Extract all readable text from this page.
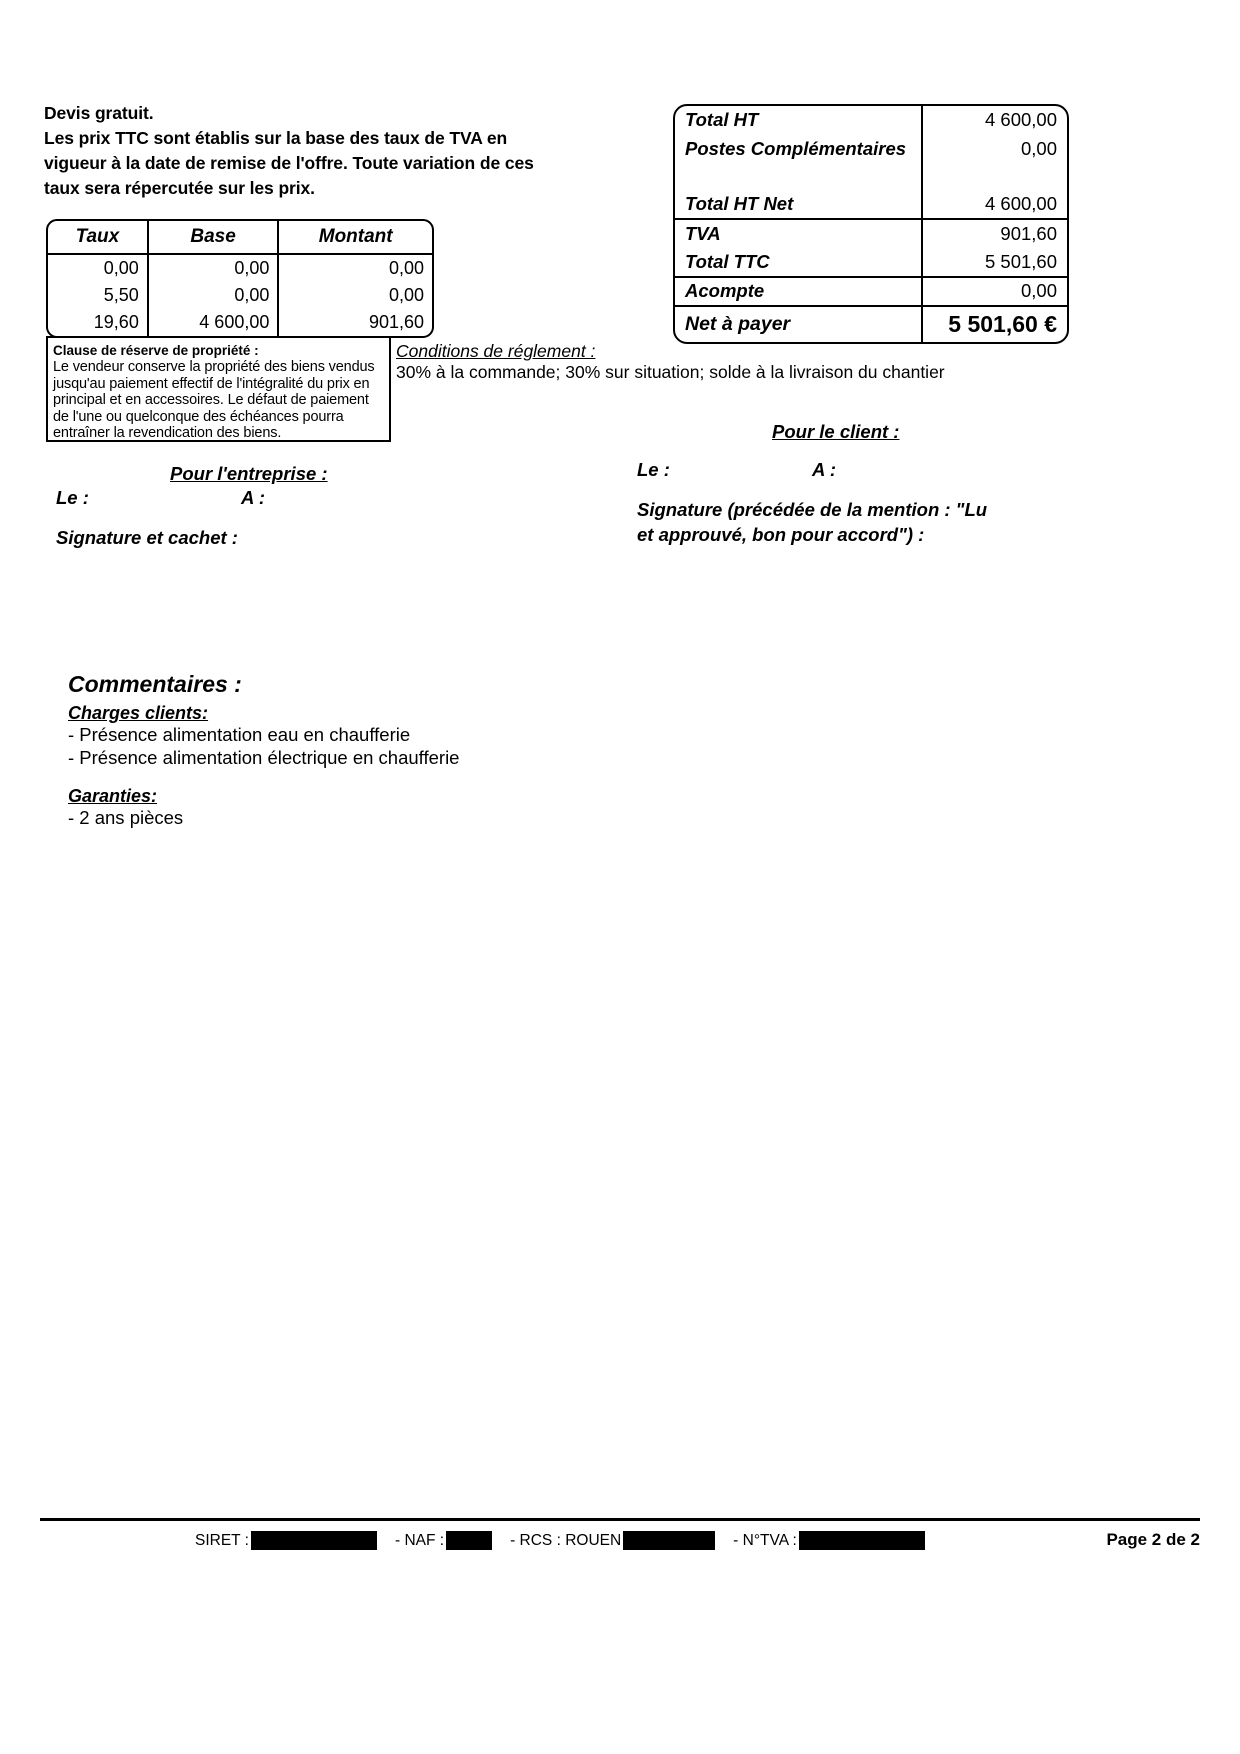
Devis gratuit.
Les prix TTC sont établis sur la base des taux de TVA en
vigueur à la date de remise de l'offre. Toute variation de ces
taux sera répercutée sur les prix.
Taux	Base	Montant
0,00	0,00	0,00
5,50	0,00	0,00
19,60	4 600,00	901,60
Clause de réserve de propriété :
Le vendeur conserve la propriété des biens vendus jusqu'au paiement effectif de l'intégralité du prix en principal et en accessoires. Le défaut de paiement de l'une ou quelconque des échéances pourra entraîner la revendication des biens.
Conditions de réglement :
30% à la commande; 30% sur situation; solde à la livraison du chantier
Total HT	4 600,00
Postes Complémentaires	0,00

Total HT Net	4 600,00
TVA	901,60
Total TTC	5 501,60
Acompte	0,00
Net à payer	5 501,60 €
Pour le client :
Le :	A :
Signature (précédée de la mention : "Lu
et approuvé, bon pour accord") :
Pour l'entreprise :
Le :	A :
Signature et cachet :
Commentaires :
Charges clients:
- Présence alimentation eau en chaufferie
- Présence alimentation électrique en chaufferie
Garanties:
- 2 ans pièces
SIRET :	- NAF :	- RCS : ROUEN	- N°TVA :	Page 2 de 2
